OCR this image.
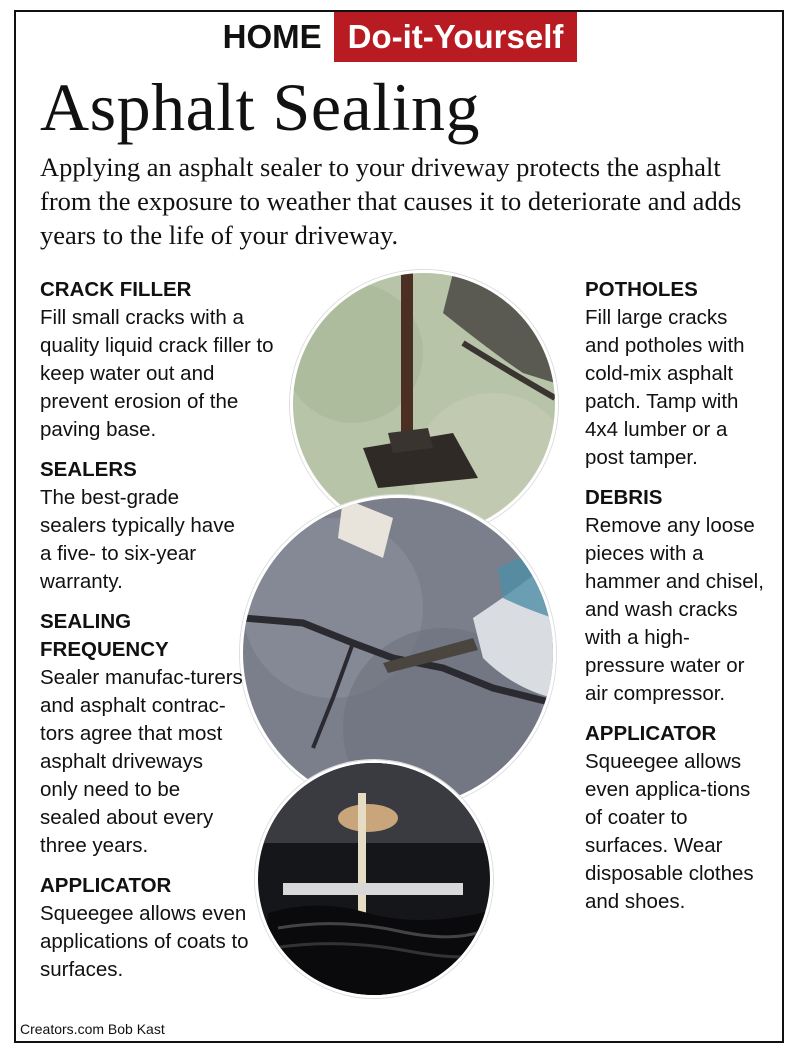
HOME Do-it-Yourself
Asphalt Sealing

Applying an asphalt sealer to your driveway protects the asphalt from the exposure to weather that causes it to deteriorate and adds years to the life of your driveway.

CRACK FILLER

Fill small cracks with a quality liquid crack filler to keep water out and prevent erosion of the paving base.

SEALERS

The best-grade sealers typically have a five- to six-year warranty.

SEALING FREQUENCY

Sealer manufac-turers and asphalt contrac-tors agree that most asphalt driveways only need to be sealed about every three years.

APPLICATOR

Squeegee allows even applications of coats to surfaces.

POTHOLES

Fill large cracks and potholes with cold-mix asphalt patch. Tamp with 4x4 lumber or a post tamper.

DEBRIS

Remove any loose pieces with a hammer and chisel, and wash cracks with a high-pressure water or air compressor.

APPLICATOR

Squeegee allows even applica-tions of coater to surfaces. Wear disposable clothes and shoes.

Creators.com Bob Kast
